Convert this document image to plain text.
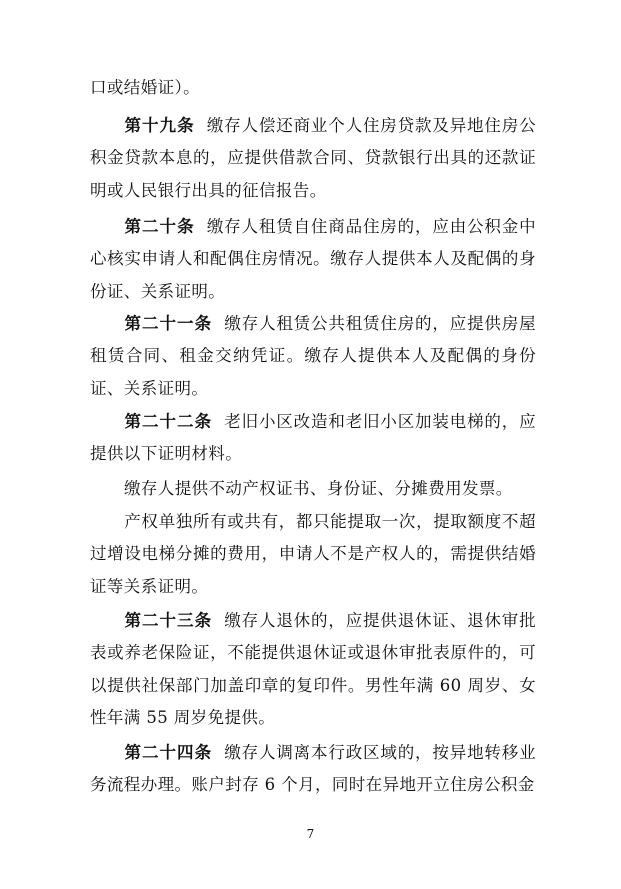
口或结婚证）。

第十九条 缴存人偿还商业个人住房贷款及异地住房公积金贷款本息的，应提供借款合同、贷款银行出具的还款证明或人民银行出具的征信报告。

第二十条 缴存人租赁自住商品住房的，应由公积金中心核实申请人和配偶住房情况。缴存人提供本人及配偶的身份证、关系证明。

第二十一条 缴存人租赁公共租赁住房的，应提供房屋租赁合同、租金交纳凭证。缴存人提供本人及配偶的身份证、关系证明。

第二十二条 老旧小区改造和老旧小区加装电梯的，应提供以下证明材料。

缴存人提供不动产权证书、身份证、分摊费用发票。

产权单独所有或共有，都只能提取一次，提取额度不超过增设电梯分摊的费用，申请人不是产权人的，需提供结婚证等关系证明。

第二十三条 缴存人退休的，应提供退休证、退休审批表或养老保险证，不能提供退休证或退休审批表原件的，可以提供社保部门加盖印章的复印件。男性年满 60 周岁、女性年满 55 周岁免提供。

第二十四条 缴存人调离本行政区域的，按异地转移业务流程办理。账户封存 6 个月，同时在异地开立住房公积金

7
